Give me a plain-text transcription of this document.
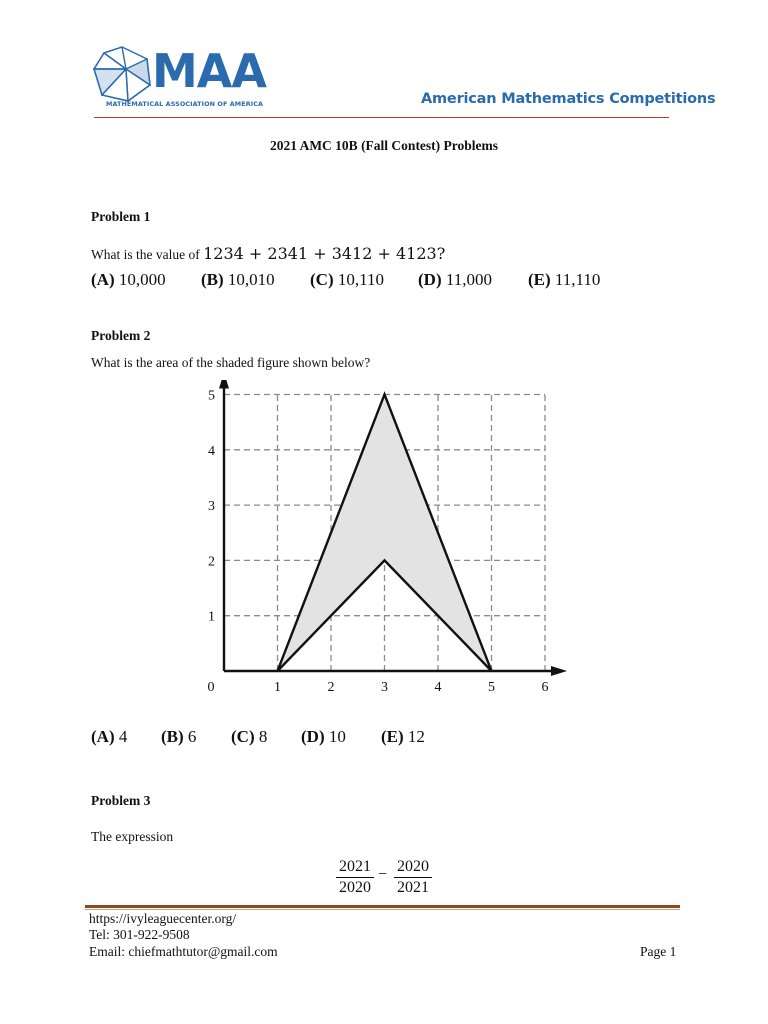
MAA
MATHEMATICAL ASSOCIATION OF AMERICA	American Mathematics Competitions
2021 AMC 10B (Fall Contest) Problems
Problem 1
What is the value of 1234 + 2341 + 3412 + 4123?
(A) 10,000 (B) 10,010 (C) 10,110 (D) 11,000 (E) 11,110
Problem 2
What is the area of the shaded figure shown below?
0	1	2	3	4	5	6
1
2
3
4
5
(A) 4 (B) 6 (C) 8 (D) 10 (E) 12
Problem 3
The expression
2021
2020
− 2020
2021
https://ivyleaguecenter.org/
Tel: 301-922-9508
Email: chiefmathtutor@gmail.com	Page 1
